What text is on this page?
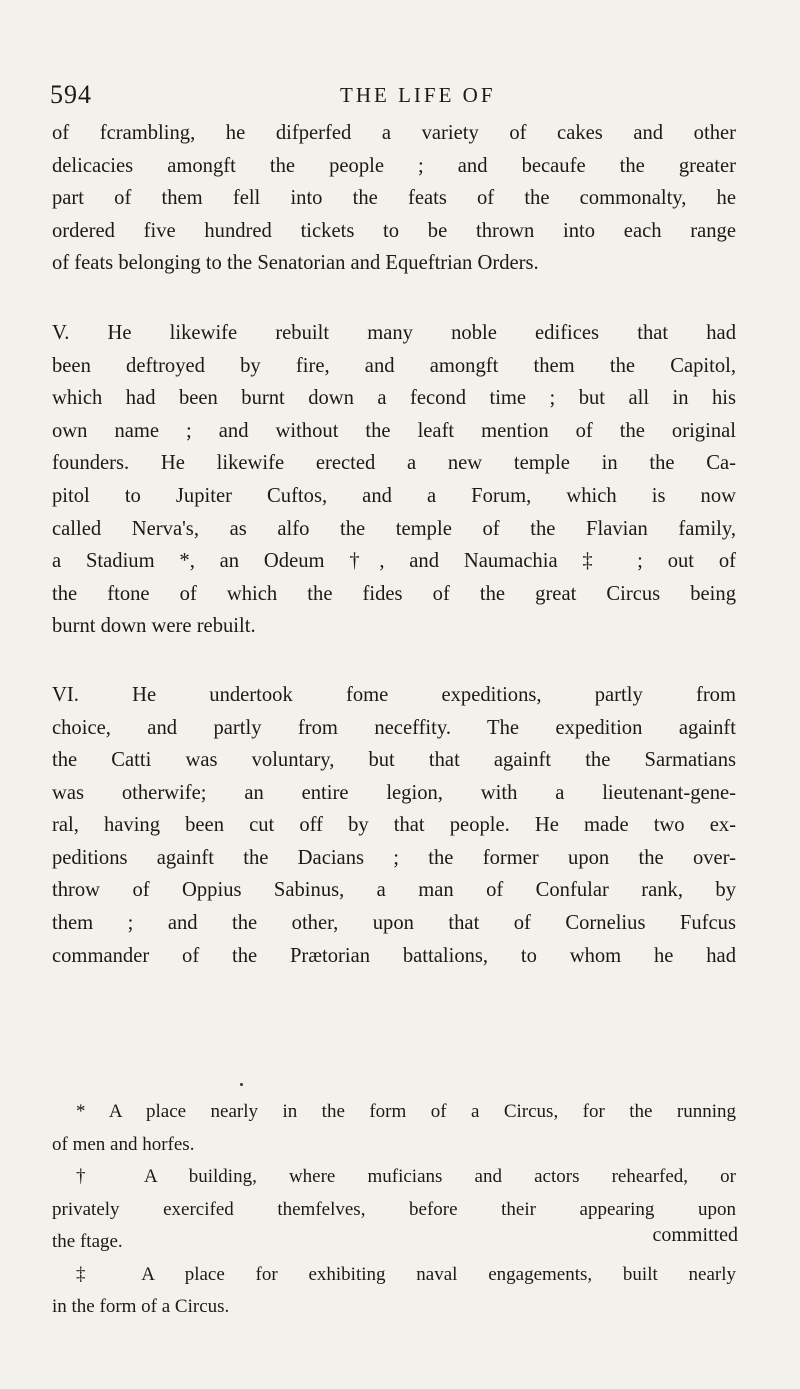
594	THE LIFE OF
of fcrambling, he difperfed a variety of cakes and other
delicacies amongft the people ; and becaufe the greater
part of them fell into the feats of the commonalty, he
ordered five hundred tickets to be thrown into each range
of feats belonging to the Senatorian and Equeftrian Orders.
V. He likewife rebuilt many noble edifices that had
been deftroyed by fire, and amongft them the Capitol,
which had been burnt down a fecond time ; but all in his
own name ; and without the leaft mention of the original
founders. He likewife erected a new temple in the Ca-
pitol to Jupiter Cuftos, and a Forum, which is now
called Nerva's, as alfo the temple of the Flavian family,
a Stadium *, an Odeum †, and Naumachia ‡ ; out of
the ftone of which the fides of the great Circus being
burnt down were rebuilt.
VI. He undertook fome expeditions, partly from
choice, and partly from neceffity. The expedition againft
the Catti was voluntary, but that againft the Sarmatians
was otherwife; an entire legion, with a lieutenant-gene-
ral, having been cut off by that people. He made two ex-
peditions againft the Dacians ; the former upon the over-
throw of Oppius Sabinus, a man of Confular rank, by
them ; and the other, upon that of Cornelius Fufcus
commander of the Prætorian battalions, to whom he had
* A place nearly in the form of a Circus, for the running
of men and horfes.
† A building, where muficians and actors rehearfed, or
privately exercifed themfelves, before their appearing upon
the ftage.
‡ A place for exhibiting naval engagements, built nearly
in the form of a Circus.
committed
